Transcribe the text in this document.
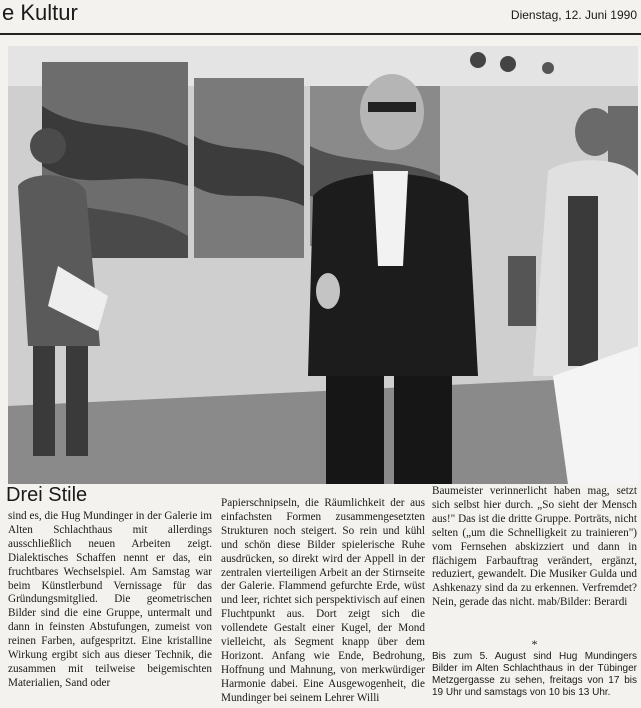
e Kultur	Dienstag, 12. Juni 1990
Drei Stile

sind es, die Hug Mundinger in der Galerie im Alten Schlachthaus mit allerdings ausschließlich neuen Arbeiten zeigt. Dialektisches Schaffen nennt er das, ein fruchtbares Wechselspiel. Am Samstag war beim Künstlerbund Vernissage für das Gründungsmitglied. Die geometrischen Bilder sind die eine Gruppe, untermalt und dann in feinsten Abstufungen, zumeist von reinen Farben, aufgespritzt. Eine kristalline Wirkung ergibt sich aus dieser Technik, die zusammen mit teilweise beigemischten Materialien, Sand oder

Papierschnipseln, die Räumlichkeit der aus einfachsten Formen zusammengesetzten Strukturen noch steigert. So rein und kühl und schön diese Bilder spielerische Ruhe ausdrücken, so direkt wird der Appell in der zentralen vierteiligen Arbeit an der Stirnseite der Galerie. Flammend gefurchte Erde, wüst und leer, richtet sich perspektivisch auf einen Fluchtpunkt aus. Dort zeigt sich die vollendete Gestalt einer Kugel, der Mond vielleicht, als Segment knapp über dem Horizont. Anfang wie Ende, Bedrohung, Hoffnung und Mahnung, von merkwürdiger Harmonie dabei. Eine Ausgewogenheit, die Mundinger bei seinem Lehrer Willi

Baumeister verinnerlicht haben mag, setzt sich selbst hier durch. „So sieht der Mensch aus!" Das ist die dritte Gruppe. Porträts, nicht selten („um die Schnelligkeit zu trainieren") vom Fernsehen abskizziert und dann in flächigem Farbauftrag verändert, ergänzt, reduziert, gewandelt. Die Musiker Gulda und Ashkenazy sind da zu erkennen. Verfremdet? Nein, gerade das nicht. mab/Bilder: Berardi

*
Bis zum 5. August sind Hug Mundingers Bilder im Alten Schlachthaus in der Tübinger Metzgergasse zu sehen, freitags von 17 bis 19 Uhr und samstags von 10 bis 13 Uhr.
